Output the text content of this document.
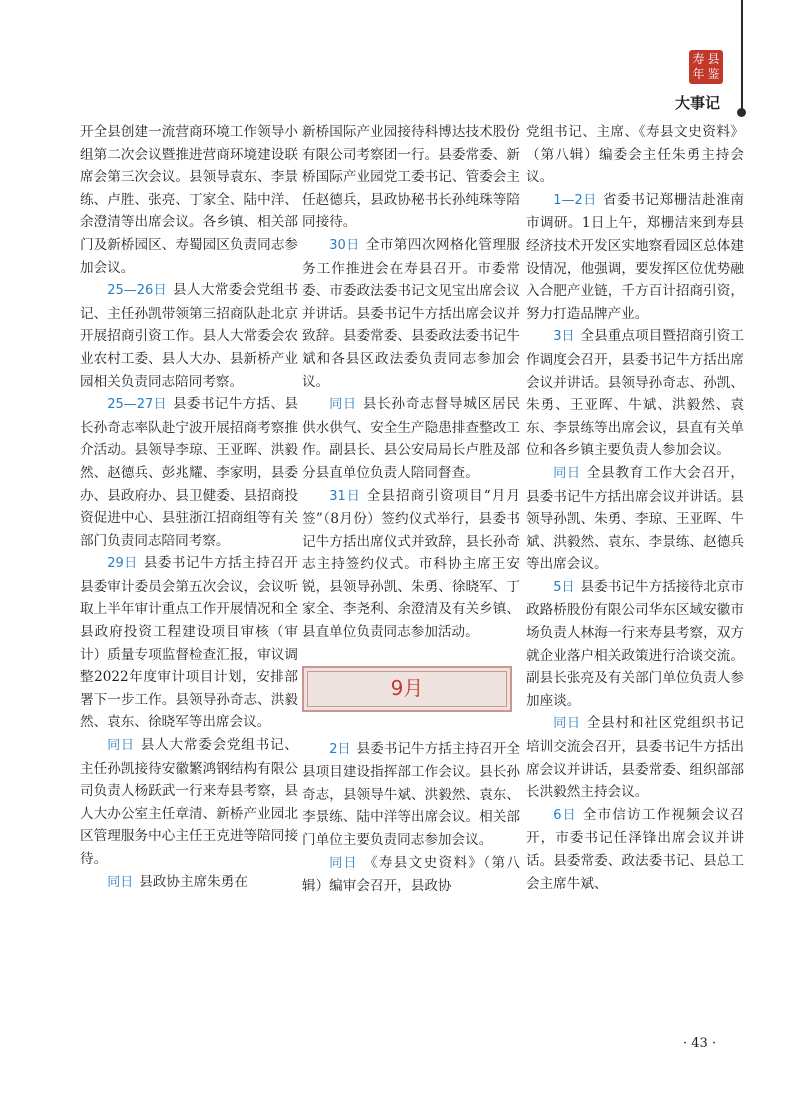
寿 县
年 鉴
大事记

开全县创建一流营商环境工作领导小组第二次会议暨推进营商环境建设联席会第三次会议。县领导袁东、李景练、卢胜、张亮、丁家全、陆中洋、余澄清等出席会议。各乡镇、相关部门及新桥园区、寿蜀园区负责同志参加会议。

25—26日 县人大常委会党组书记、主任孙凯带领第三招商队赴北京开展招商引资工作。县人大常委会农业农村工委、县人大办、县新桥产业园相关负责同志陪同考察。

25—27日 县委书记牛方括、县长孙奇志率队赴宁波开展招商考察推介活动。县领导李琼、王亚晖、洪毅然、赵德兵、彭兆耀、李家明，县委办、县政府办、县卫健委、县招商投资促进中心、县驻浙江招商组等有关部门负责同志陪同考察。

29日 县委书记牛方括主持召开县委审计委员会第五次会议，会议听取上半年审计重点工作开展情况和全县政府投资工程建设项目审核（审计）质量专项监督检查汇报，审议调整2022年度审计项目计划，安排部署下一步工作。县领导孙奇志、洪毅然、袁东、徐晓军等出席会议。

同日 县人大常委会党组书记、主任孙凯接待安徽繁鸿钢结构有限公司负责人杨跃武一行来寿县考察，县人大办公室主任章清、新桥产业园北区管理服务中心主任王克进等陪同接待。

同日 县政协主席朱勇在

新桥国际产业园接待科博达技术股份有限公司考察团一行。县委常委、新桥国际产业园党工委书记、管委会主任赵德兵，县政协秘书长孙纯珠等陪同接待。

30日 全市第四次网格化管理服务工作推进会在寿县召开。市委常委、市委政法委书记文见宝出席会议并讲话。县委书记牛方括出席会议并致辞。县委常委、县委政法委书记牛斌和各县区政法委负责同志参加会议。

同日 县长孙奇志督导城区居民供水供气、安全生产隐患排查整改工作。副县长、县公安局局长卢胜及部分县直单位负责人陪同督查。

31日 全县招商引资项目“月月签”（8月份）签约仪式举行，县委书记牛方括出席仪式并致辞，县长孙奇志主持签约仪式。市科协主席王安锐，县领导孙凯、朱勇、徐晓军、丁家全、李尧利、余澄清及有关乡镇、县直单位负责同志参加活动。

9月

2日 县委书记牛方括主持召开全县项目建设指挥部工作会议。县长孙奇志，县领导牛斌、洪毅然、袁东、李景练、陆中洋等出席会议。相关部门单位主要负责同志参加会议。

同日 《寿县文史资料》（第八辑）编审会召开，县政协

党组书记、主席、《寿县文史资料》（第八辑）编委会主任朱勇主持会议。

1—2日 省委书记郑栅洁赴淮南市调研。1日上午，郑栅洁来到寿县经济技术开发区实地察看园区总体建设情况，他强调，要发挥区位优势融入合肥产业链，千方百计招商引资，努力打造品牌产业。

3日 全县重点项目暨招商引资工作调度会召开，县委书记牛方括出席会议并讲话。县领导孙奇志、孙凯、朱勇、王亚晖、牛斌、洪毅然、袁东、李景练等出席会议，县直有关单位和各乡镇主要负责人参加会议。

同日 全县教育工作大会召开，县委书记牛方括出席会议并讲话。县领导孙凯、朱勇、李琼、王亚晖、牛斌、洪毅然、袁东、李景练、赵德兵等出席会议。

5日 县委书记牛方括接待北京市政路桥股份有限公司华东区域安徽市场负责人林海一行来寿县考察，双方就企业落户相关政策进行洽谈交流。副县长张亮及有关部门单位负责人参加座谈。

同日 全县村和社区党组织书记培训交流会召开，县委书记牛方括出席会议并讲话，县委常委、组织部部长洪毅然主持会议。

6日 全市信访工作视频会议召开，市委书记任泽锋出席会议并讲话。县委常委、政法委书记、县总工会主席牛斌、

· 43 ·
